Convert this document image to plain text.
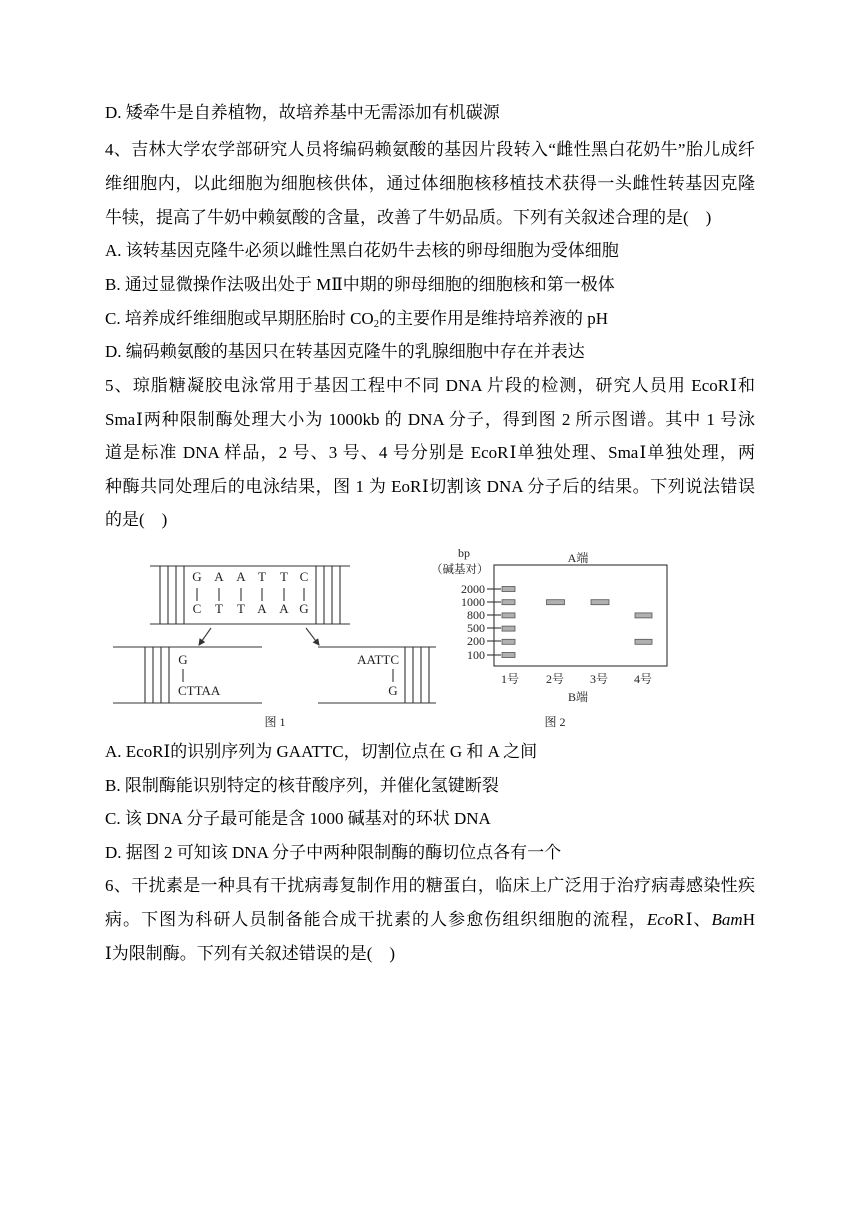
D. 矮牵牛是自养植物，故培养基中无需添加有机碳源
4、吉林大学农学部研究人员将编码赖氨酸的基因片段转入“雌性黑白花奶牛”胎儿成纤
维细胞内，以此细胞为细胞核供体，通过体细胞核移植技术获得一头雌性转基因克隆
牛犊，提高了牛奶中赖氨酸的含量，改善了牛奶品质。下列有关叙述合理的是(　)
A. 该转基因克隆牛必须以雌性黑白花奶牛去核的卵母细胞为受体细胞
B. 通过显微操作法吸出处于 MⅡ中期的卵母细胞的细胞核和第一极体
C. 培养成纤维细胞或早期胚胎时 $CO_2$的主要作用是维持培养液的 pH
D. 编码赖氨酸的基因只在转基因克隆牛的乳腺细胞中存在并表达
5、琼脂糖凝胶电泳常用于基因工程中不同 DNA 片段的检测，研究人员用 EcoRⅠ和
SmaⅠ两种限制酶处理大小为 1000kb 的 DNA 分子，得到图 2 所示图谱。其中 1 号泳
道是标准 DNA 样品，2 号、3 号、4 号分别是 EcoRⅠ单独处理、SmaⅠ单独处理，两
种酶共同处理后的电泳结果，图 1 为 EoRⅠ切割该 DNA 分子后的结果。下列说法错误
的是(　)
G A A T T C
C T T A A G
G
CTTAA
AATTC
G
图 1
bp
（碱基对）
A端
2000
1000
800
500
200
100
1号 2号 3号 4号
B端
图 2
A. EcoRⅠ的识别序列为 GAATTC，切割位点在 G 和 A 之间
B. 限制酶能识别特定的核苷酸序列，并催化氢键断裂
C. 该 DNA 分子最可能是含 1000 碱基对的环状 DNA
D. 据图 2 可知该 DNA 分子中两种限制酶的酶切位点各有一个
6、干扰素是一种具有干扰病毒复制作用的糖蛋白，临床上广泛用于治疗病毒感染性疾
病。下图为科研人员制备能合成干扰素的人参愈伤组织细胞的流程，EcoRⅠ、BamH
Ⅰ为限制酶。下列有关叙述错误的是(　)
